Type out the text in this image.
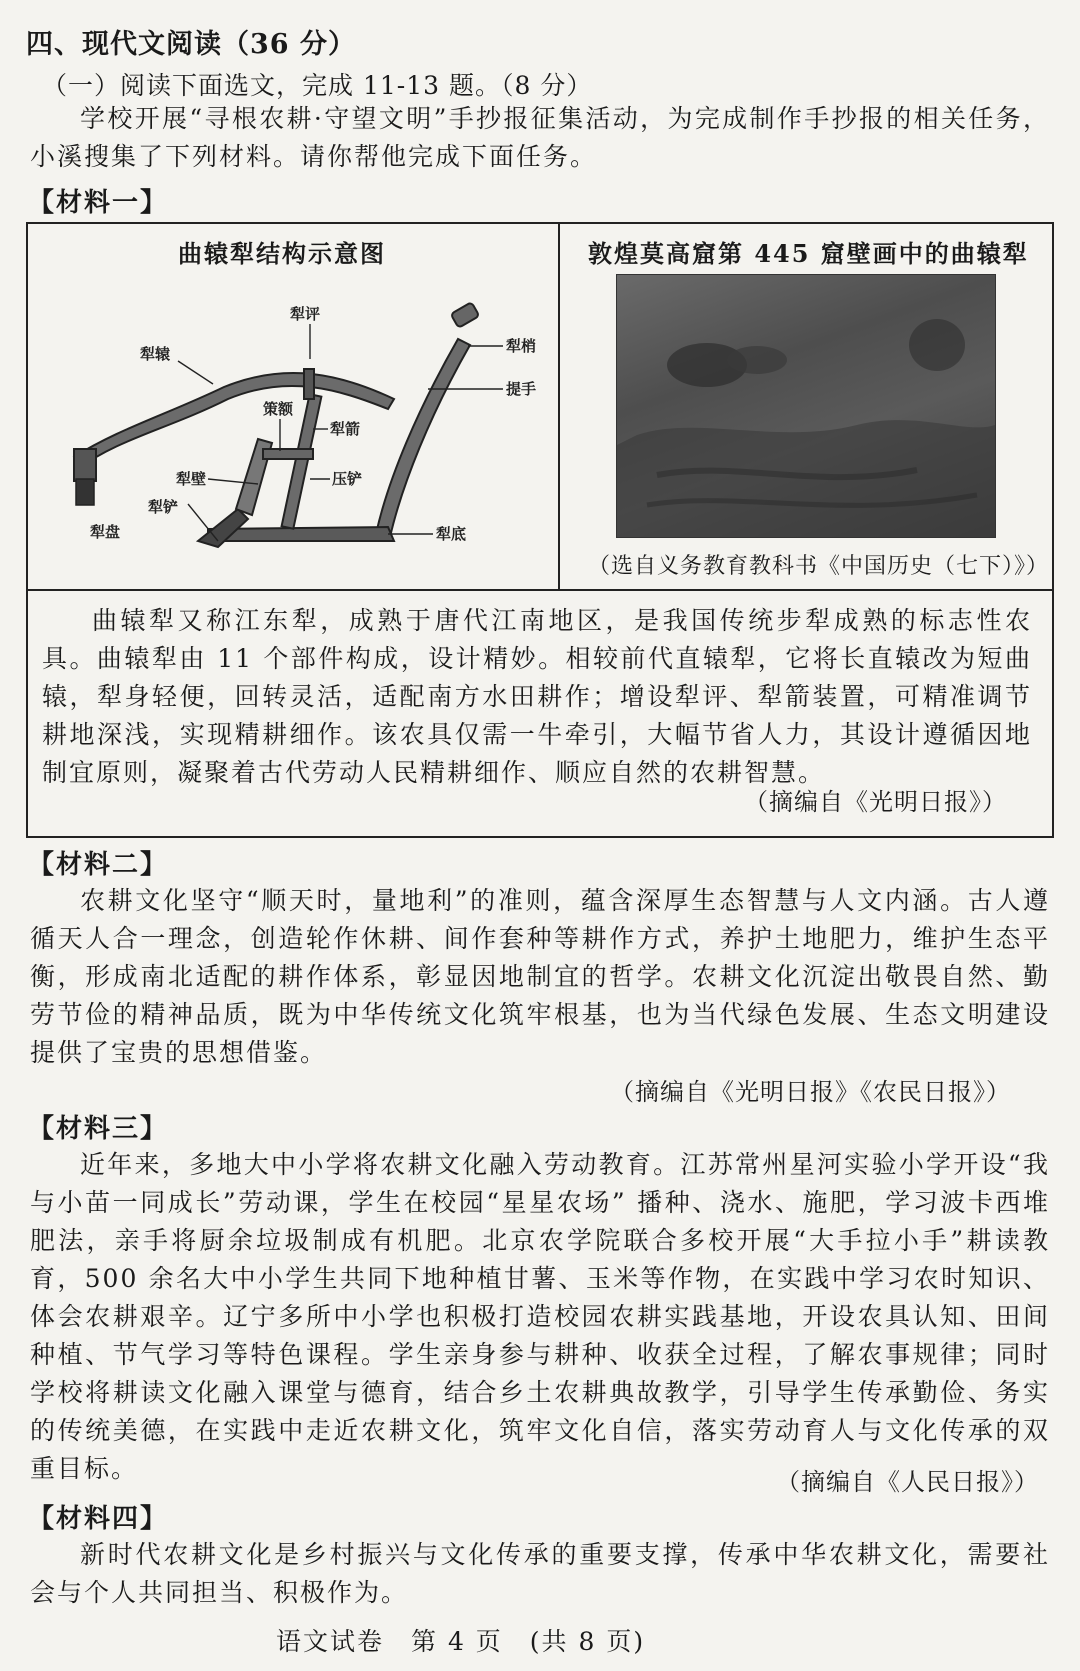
四、现代文阅读（36 分）
（一）阅读下面选文，完成 11-13 题。（8 分）
学校开展“寻根农耕·守望文明”手抄报征集活动，为完成制作手抄报的相关任务，小溪搜集了下列材料。请你帮他完成下面任务。
【材料一】
曲辕犁结构示意图	敦煌莫高窟第 445 窟壁画中的曲辕犁
犁评
犁辕	犁梢
提手
策额
犁箭
犁壁	压铲
犁铲
犁底
犁盘
（选自义务教育教科书《中国历史（七下）》）
曲辕犁又称江东犁，成熟于唐代江南地区，是我国传统步犁成熟的标志性农具。曲辕犁由 11 个部件构成，设计精妙。相较前代直辕犁，它将长直辕改为短曲辕，犁身轻便，回转灵活，适配南方水田耕作；增设犁评、犁箭装置，可精准调节耕地深浅，实现精耕细作。该农具仅需一牛牵引，大幅节省人力，其设计遵循因地制宜原则，凝聚着古代劳动人民精耕细作、顺应自然的农耕智慧。
（摘编自《光明日报》）
【材料二】
农耕文化坚守“顺天时，量地利”的准则，蕴含深厚生态智慧与人文内涵。古人遵循天人合一理念，创造轮作休耕、间作套种等耕作方式，养护土地肥力，维护生态平衡，形成南北适配的耕作体系，彰显因地制宜的哲学。农耕文化沉淀出敬畏自然、勤劳节俭的精神品质，既为中华传统文化筑牢根基，也为当代绿色发展、生态文明建设提供了宝贵的思想借鉴。
（摘编自《光明日报》《农民日报》）
【材料三】
近年来，多地大中小学将农耕文化融入劳动教育。江苏常州星河实验小学开设“我与小苗一同成长”劳动课，学生在校园“星星农场” 播种、浇水、施肥，学习波卡西堆肥法，亲手将厨余垃圾制成有机肥。北京农学院联合多校开展“大手拉小手”耕读教育，500 余名大中小学生共同下地种植甘薯、玉米等作物，在实践中学习农时知识、体会农耕艰辛。辽宁多所中小学也积极打造校园农耕实践基地，开设农具认知、田间种植、节气学习等特色课程。学生亲身参与耕种、收获全过程，了解农事规律；同时学校将耕读文化融入课堂与德育，结合乡土农耕典故教学，引导学生传承勤俭、务实的传统美德，在实践中走近农耕文化，筑牢文化自信，落实劳动育人与文化传承的双重目标。	（摘编自《人民日报》）
【材料四】
新时代农耕文化是乡村振兴与文化传承的重要支撑，传承中华农耕文化，需要社会与个人共同担当、积极作为。
语文试卷　第 4 页　(共 8 页)
